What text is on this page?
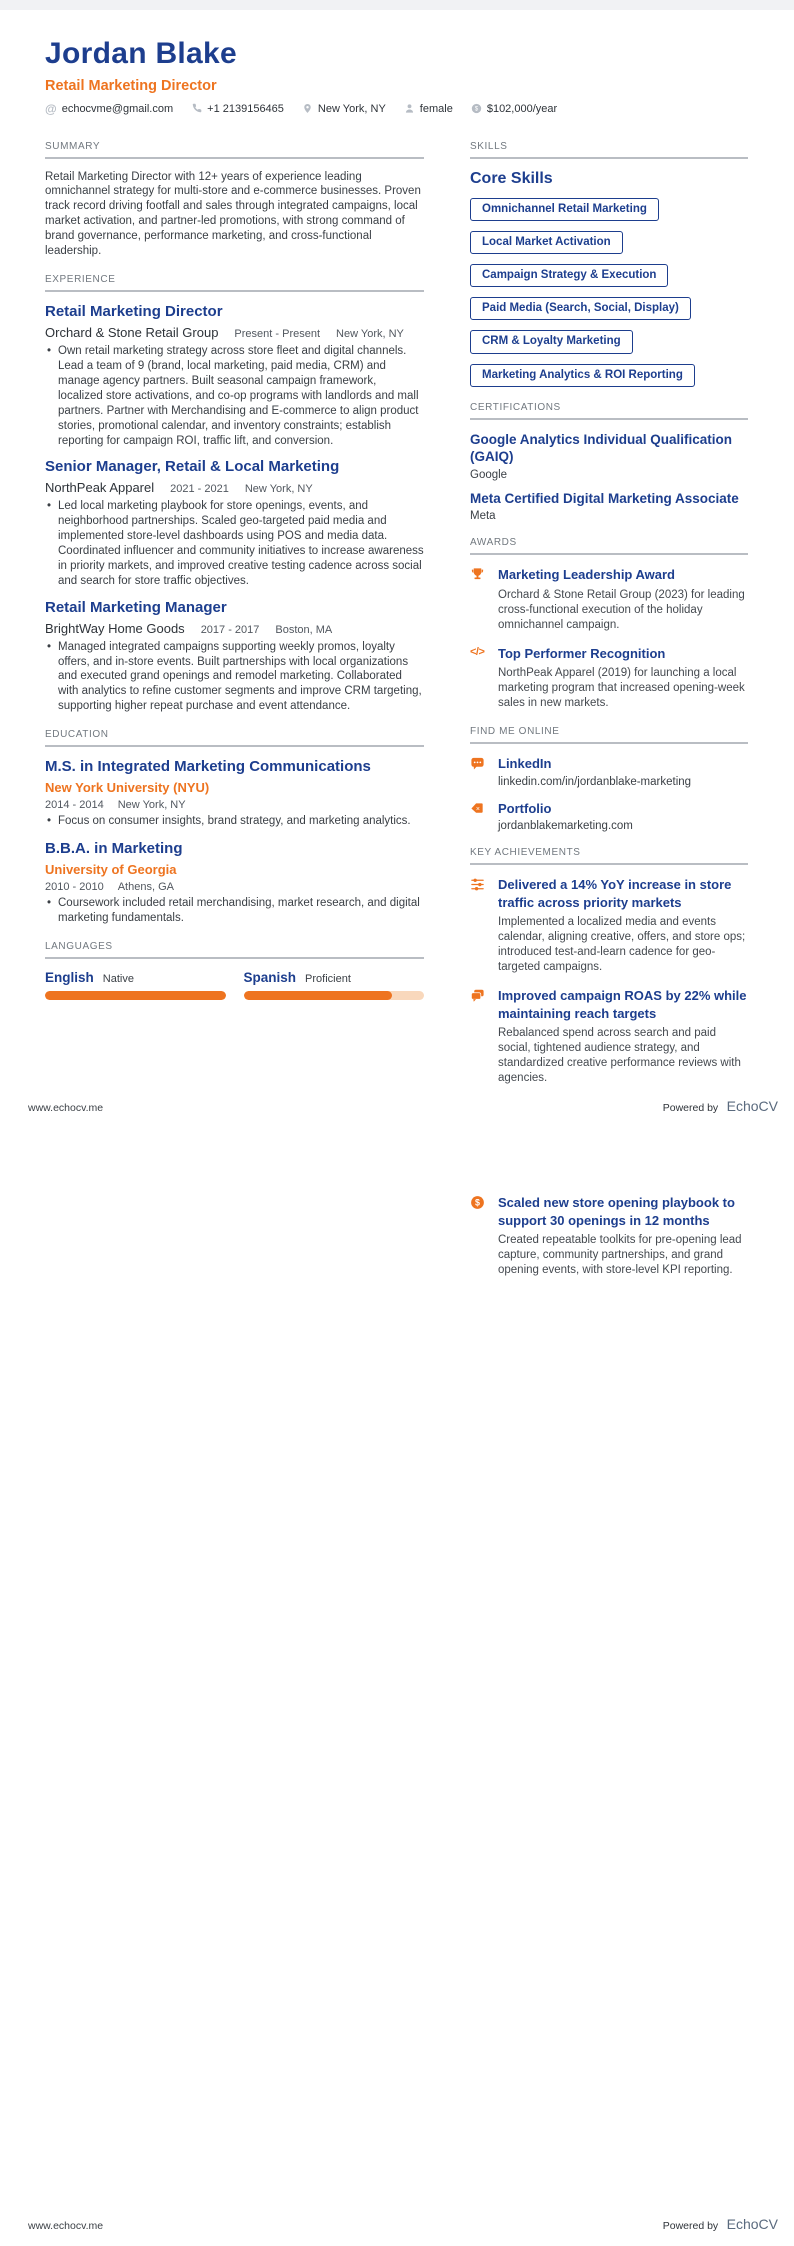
Jordan Blake
Retail Marketing Director
@ echocvme@gmail.com	+1 2139156465	New York, NY	female $ $102,000/year
SUMMARY
Retail Marketing Director with 12+ years of experience leading omnichannel strategy for multi-store and e-commerce businesses. Proven track record driving footfall and sales through integrated campaigns, local market activation, and partner-led promotions, with strong command of brand governance, performance marketing, and cross-functional leadership.
EXPERIENCE
Retail Marketing Director
Orchard & Stone Retail Group Present - Present New York, NY
• Own retail marketing strategy across store fleet and digital channels. Lead a team of 9 (brand, local marketing, paid media, CRM) and manage agency partners. Built seasonal campaign framework, localized store activations, and co-op programs with landlords and mall partners. Partner with Merchandising and E-commerce to align product stories, promotional calendar, and inventory constraints; establish reporting for campaign ROI, traffic lift, and conversion.
Senior Manager, Retail & Local Marketing
NorthPeak Apparel 2021 - 2021 New York, NY
• Led local marketing playbook for store openings, events, and neighborhood partnerships. Scaled geo-targeted paid media and implemented store-level dashboards using POS and media data. Coordinated influencer and community initiatives to increase awareness in priority markets, and improved creative testing cadence across social and search for store traffic objectives.
Retail Marketing Manager
BrightWay Home Goods 2017 - 2017 Boston, MA
• Managed integrated campaigns supporting weekly promos, loyalty offers, and in-store events. Built partnerships with local organizations and executed grand openings and remodel marketing. Collaborated with analytics to refine customer segments and improve CRM targeting, supporting higher repeat purchase and event attendance.
EDUCATION
M.S. in Integrated Marketing Communications
New York University (NYU)
2014 - 2014 New York, NY
• Focus on consumer insights, brand strategy, and marketing analytics.
B.B.A. in Marketing
University of Georgia
2010 - 2010 Athens, GA
• Coursework included retail merchandising, market research, and digital marketing fundamentals.
LANGUAGES
English Native	Spanish Proficient
SKILLS
Core Skills
Omnichannel Retail Marketing
Local Market Activation
Campaign Strategy & Execution
Paid Media (Search, Social, Display)
CRM & Loyalty Marketing
Marketing Analytics & ROI Reporting
CERTIFICATIONS
Google Analytics Individual Qualification (GAIQ)
Google
Meta Certified Digital Marketing Associate
Meta
AWARDS
Marketing Leadership Award
Orchard & Stone Retail Group (2023) for leading cross-functional execution of the holiday omnichannel campaign.
</> Top Performer Recognition
NorthPeak Apparel (2019) for launching a local marketing program that increased opening-week sales in new markets.
FIND ME ONLINE
LinkedIn
linkedin.com/in/jordanblake-marketing
× Portfolio
jordanblakemarketing.com
KEY ACHIEVEMENTS
Delivered a 14% YoY increase in store traffic across priority markets
Implemented a localized media and events calendar, aligning creative, offers, and store ops; introduced test-and-learn cadence for geo-targeted campaigns.
Improved campaign ROAS by 22% while maintaining reach targets
Rebalanced spend across search and paid social, tightened audience strategy, and standardized creative performance reviews with agencies.
www.echocv.me	Powered by EchoCV
$ Scaled new store opening playbook to support 30 openings in 12 months
Created repeatable toolkits for pre-opening lead capture, community partnerships, and grand opening events, with store-level KPI reporting.
www.echocv.me	Powered by EchoCV
